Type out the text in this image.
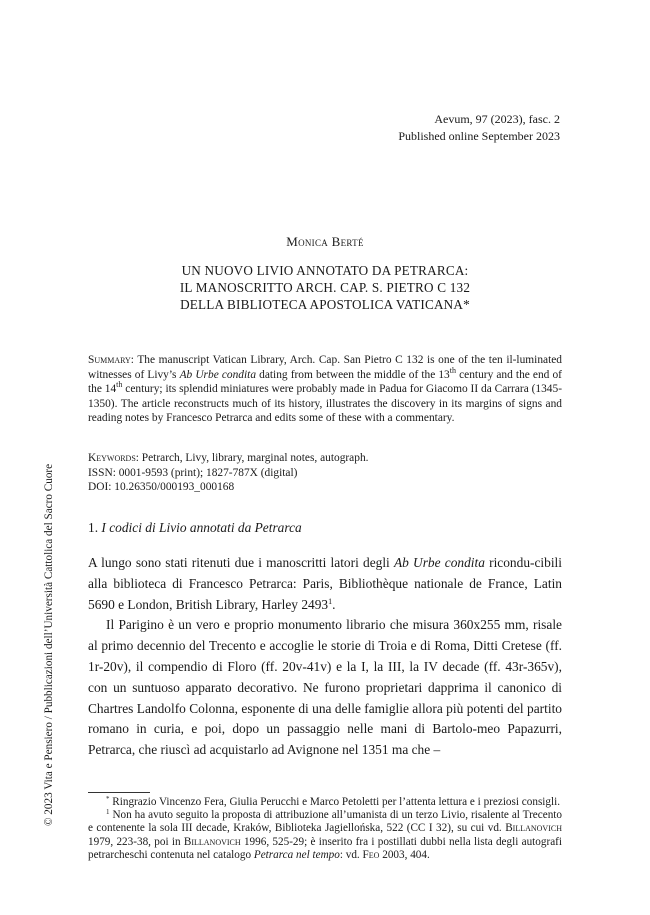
Aevum, 97 (2023), fasc. 2
Published online September 2023
Monica Berté
UN NUOVO LIVIO ANNOTATO DA PETRARCA:
IL MANOSCRITTO ARCH. CAP. S. PIETRO C 132
DELLA BIBLIOTECA APOSTOLICA VATICANA*
Summary: The manuscript Vatican Library, Arch. Cap. San Pietro C 132 is one of the ten il-luminated witnesses of Livy’s Ab Urbe condita dating from between the middle of the 13th century and the end of the 14th century; its splendid miniatures were probably made in Padua for Giacomo II da Carrara (1345-1350). The article reconstructs much of its history, illustrates the discovery in its margins of signs and reading notes by Francesco Petrarca and edits some of these with a commentary.
Keywords: Petrarch, Livy, library, marginal notes, autograph.
ISSN: 0001-9593 (print); 1827-787X (digital)
DOI: 10.26350/000193_000168
1. I codici di Livio annotati da Petrarca

A lungo sono stati ritenuti due i manoscritti latori degli Ab Urbe condita ricondu-cibili alla biblioteca di Francesco Petrarca: Paris, Bibliothèque nationale de France, Latin 5690 e London, British Library, Harley 2493$^1$.

Il Parigino è un vero e proprio monumento librario che misura 360x255 mm, risale al primo decennio del Trecento e accoglie le storie di Troia e di Roma, Ditti Cretese (ff. 1r-20v), il compendio di Floro (ff. 20v-41v) e la I, la III, la IV decade (ff. 43r-365v), con un suntuoso apparato decorativo. Ne furono proprietari dapprima il canonico di Chartres Landolfo Colonna, esponente di una delle famiglie allora più potenti del partito romano in curia, e poi, dopo un passaggio nelle mani di Bartolo-meo Papazurri, Petrarca, che riuscì ad acquistarlo ad Avignone nel 1351 ma che –

* Ringrazio Vincenzo Fera, Giulia Perucchi e Marco Petoletti per l’attenta lettura e i preziosi consigli.

$^1$ Non ha avuto seguito la proposta di attribuzione all’umanista di un terzo Livio, risalente al Trecento e contenente la sola III decade, Kraków, Biblioteka Jagiellońska, 522 (CC I 32), su cui vd. Billanovich 1979, 223-38, poi in Billanovich 1996, 525-29; è inserito fra i postillati dubbi nella lista degli autografi petrarcheschi contenuta nel catalogo Petrarca nel tempo: vd. Feo 2003, 404.

© 2023 Vita e Pensiero / Pubblicazioni dell’Università Cattolica del Sacro Cuore
